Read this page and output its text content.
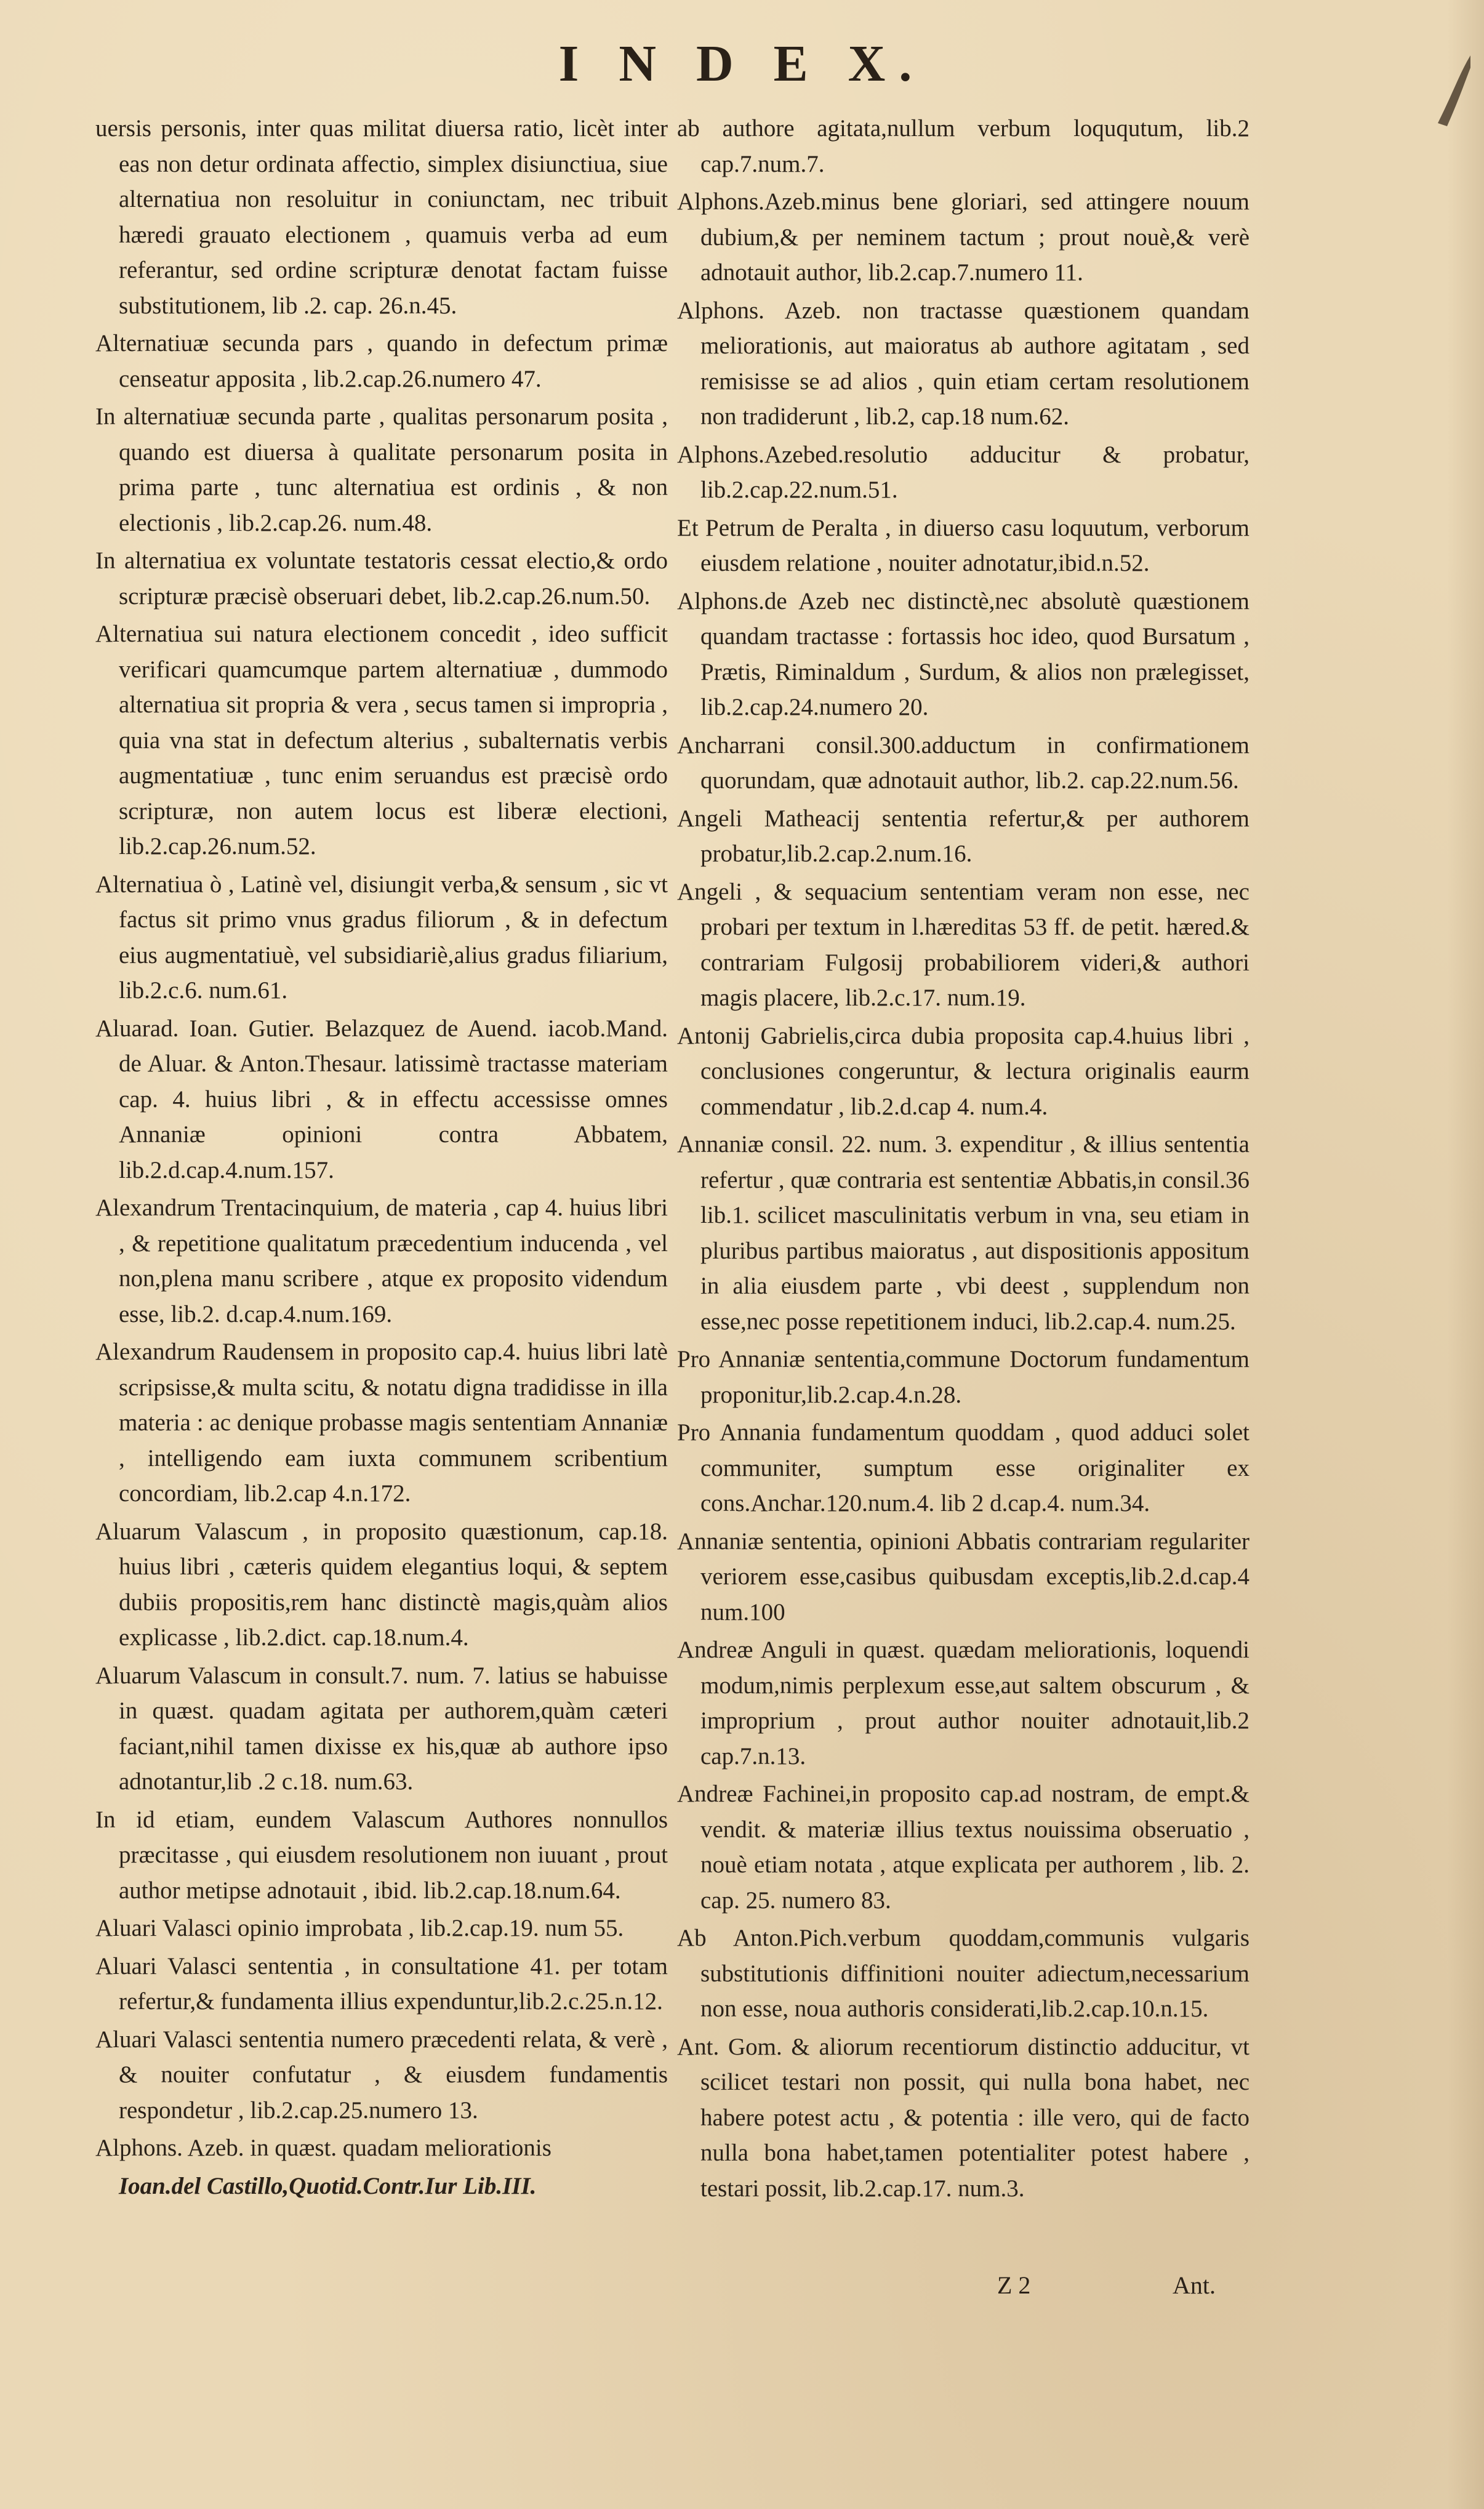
I N D E X.

uersis personis, inter quas militat diuersa ratio, licèt inter eas non detur ordinata affectio, simplex disiunctiua, siue alternatiua non resoluitur in coniunctam, nec tribuit hæredi grauato electionem , quamuis verba ad eum referantur, sed ordine scripturæ denotat factam fuisse substitutionem, lib .2. cap. 26.n.45.

Alternatiuæ secunda pars , quando in defectum primæ censeatur apposita , lib.2.cap.26.numero 47.

In alternatiuæ secunda parte , qualitas personarum posita , quando est diuersa à qualitate personarum posita in prima parte , tunc alternatiua est ordinis , & non electionis , lib.2.cap.26. num.48.

In alternatiua ex voluntate testatoris cessat electio,& ordo scripturæ præcisè obseruari debet, lib.2.cap.26.num.50.

Alternatiua sui natura electionem concedit , ideo sufficit verificari quamcumque partem alternatiuæ , dummodo alternatiua sit propria & vera , secus tamen si impropria , quia vna stat in defectum alterius , subalternatis verbis augmentatiuæ , tunc enim seruandus est præcisè ordo scripturæ, non autem locus est liberæ electioni, lib.2.cap.26.num.52.

Alternatiua ò , Latinè vel, disiungit verba,& sensum , sic vt factus sit primo vnus gradus filiorum , & in defectum eius augmentatiuè, vel subsidiariè,alius gradus filiarium, lib.2.c.6. num.61.

Aluarad. Ioan. Gutier. Belazquez de Auend. iacob.Mand. de Aluar. & Anton.Thesaur. latissimè tractasse materiam cap. 4. huius libri , & in effectu accessisse omnes Annaniæ opinioni contra Abbatem, lib.2.d.cap.4.num.157.

Alexandrum Trentacinquium, de materia , cap 4. huius libri , & repetitione qualitatum præcedentium inducenda , vel non,plena manu scribere , atque ex proposito videndum esse, lib.2. d.cap.4.num.169.

Alexandrum Raudensem in proposito cap.4. huius libri latè scripsisse,& multa scitu, & notatu digna tradidisse in illa materia : ac denique probasse magis sententiam Annaniæ , intelligendo eam iuxta communem scribentium concordiam, lib.2.cap 4.n.172.

Aluarum Valascum , in proposito quæstionum, cap.18. huius libri , cæteris quidem elegantius loqui, & septem dubiis propositis,rem hanc distinctè magis,quàm alios explicasse , lib.2.dict. cap.18.num.4.

Aluarum Valascum in consult.7. num. 7. latius se habuisse in quæst. quadam agitata per authorem,quàm cæteri faciant,nihil tamen dixisse ex his,quæ ab authore ipso adnotantur,lib .2 c.18. num.63.

In id etiam, eundem Valascum Authores nonnullos præcitasse , qui eiusdem resolutionem non iuuant , prout author metipse adnotauit , ibid. lib.2.cap.18.num.64.

Aluari Valasci opinio improbata , lib.2.cap.19. num 55.

Aluari Valasci sententia , in consultatione 41. per totam refertur,& fundamenta illius expenduntur,lib.2.c.25.n.12.

Aluari Valasci sententia numero præcedenti relata, & verè , & nouiter confutatur , & eiusdem fundamentis respondetur , lib.2.cap.25.numero 13.

Alphons. Azeb. in quæst. quadam meliorationis

Ioan.del Castillo,Quotid.Contr.Iur Lib.III.

ab authore agitata,nullum verbum loququtum, lib.2 cap.7.num.7.

Alphons.Azeb.minus bene gloriari, sed attingere nouum dubium,& per neminem tactum ; prout nouè,& verè adnotauit author, lib.2.cap.7.numero 11.

Alphons. Azeb. non tractasse quæstionem quandam meliorationis, aut maioratus ab authore agitatam , sed remisisse se ad alios , quin etiam certam resolutionem non tradiderunt , lib.2, cap.18 num.62.

Alphons.Azebed.resolutio adducitur & probatur, lib.2.cap.22.num.51.

Et Petrum de Peralta , in diuerso casu loquutum, verborum eiusdem relatione , nouiter adnotatur,ibid.n.52.

Alphons.de Azeb nec distinctè,nec absolutè quæstionem quandam tractasse : fortassis hoc ideo, quod Bursatum , Prætis, Riminaldum , Surdum, & alios non prælegisset, lib.2.cap.24.numero 20.

Ancharrani consil.300.adductum in confirmationem quorundam, quæ adnotauit author, lib.2. cap.22.num.56.

Angeli Matheacij sententia refertur,& per authorem probatur,lib.2.cap.2.num.16.

Angeli , & sequacium sententiam veram non esse, nec probari per textum in l.hæreditas 53 ff. de petit. hæred.& contrariam Fulgosij probabiliorem videri,& authori magis placere, lib.2.c.17. num.19.

Antonij Gabrielis,circa dubia proposita cap.4.huius libri , conclusiones congeruntur, & lectura originalis eaurm commendatur , lib.2.d.cap 4. num.4.

Annaniæ consil. 22. num. 3. expenditur , & illius sententia refertur , quæ contraria est sententiæ Abbatis,in consil.36 lib.1. scilicet masculinitatis verbum in vna, seu etiam in pluribus partibus maioratus , aut dispositionis appositum in alia eiusdem parte , vbi deest , supplendum non esse,nec posse repetitionem induci, lib.2.cap.4. num.25.

Pro Annaniæ sententia,commune Doctorum fundamentum proponitur,lib.2.cap.4.n.28.

Pro Annania fundamentum quoddam , quod adduci solet communiter, sumptum esse originaliter ex cons.Anchar.120.num.4. lib 2 d.cap.4. num.34.

Annaniæ sententia, opinioni Abbatis contrariam regulariter veriorem esse,casibus quibusdam exceptis,lib.2.d.cap.4 num.100

Andreæ Anguli in quæst. quædam meliorationis, loquendi modum,nimis perplexum esse,aut saltem obscurum , & improprium , prout author nouiter adnotauit,lib.2 cap.7.n.13.

Andreæ Fachinei,in proposito cap.ad nostram, de empt.& vendit. & materiæ illius textus nouissima obseruatio , nouè etiam notata , atque explicata per authorem , lib. 2. cap. 25. numero 83.

Ab Anton.Pich.verbum quoddam,communis vulgaris substitutionis diffinitioni nouiter adiectum,necessarium non esse, noua authoris considerati,lib.2.cap.10.n.15.

Ant. Gom. & aliorum recentiorum distinctio adducitur, vt scilicet testari non possit, qui nulla bona habet, nec habere potest actu , & potentia : ille vero, qui de facto nulla bona habet,tamen potentialiter potest habere , testari possit, lib.2.cap.17. num.3.

Z 2	Ant.
